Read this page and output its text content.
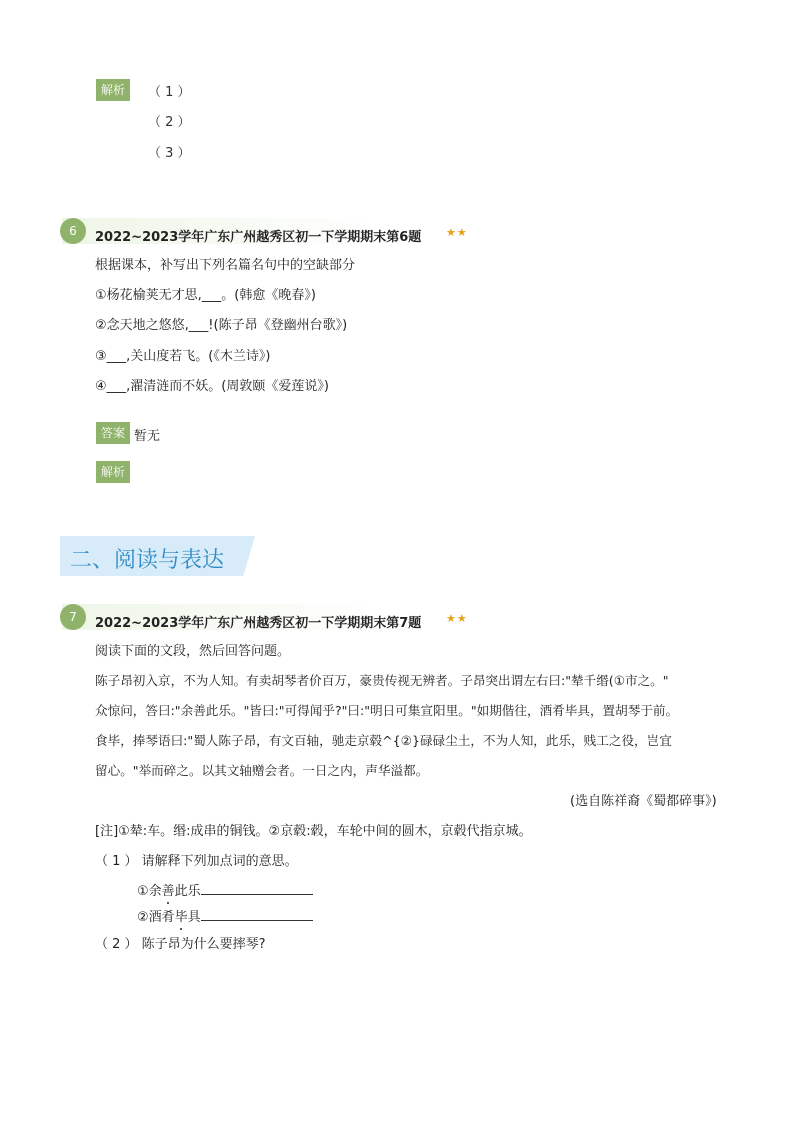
解析	（ 1 ）
（ 2 ）
（ 3 ）
6	2022~2023学年广东广州越秀区初一下学期期末第6题 ★★
根据课本，补写出下列名篇名句中的空缺部分
①杨花榆荚无才思,___。(韩愈《晚春》)
②念天地之悠悠,___!(陈子昂《登幽州台歌》)
③___,关山度若飞。(《木兰诗》)
④___,濯清涟而不妖。(周敦颐《爱莲说》)
答案 暂无
解析
二、阅读与表达
7	2022~2023学年广东广州越秀区初一下学期期末第7题 ★★
阅读下面的文段，然后回答问题。
陈子昂初入京，不为人知。有卖胡琴者价百万，豪贵传视无辨者。子昂突出谓左右曰:"辇千缗(①市之。"
众惊问，答曰:"余善此乐。"皆曰:"可得闻乎?"曰:"明日可集宣阳里。"如期偕往，酒肴毕具，置胡琴于前。
食毕，捧琴语曰:"蜀人陈子昂，有文百轴，驰走京毂^{②}碌碌尘土，不为人知，此乐，贱工之役，岂宜
留心。"举而碎之。以其文轴赠会者。一日之内，声华溢都。
(选自陈祥裔《蜀都碎事》)
[注]①辇:车。缗:成串的铜钱。②京毂:毂，车轮中间的圆木，京毂代指京城。
（ 1 ） 请解释下列加点词的意思。
①余善此乐
②酒肴毕具
（ 2 ） 陈子昂为什么要摔琴?
